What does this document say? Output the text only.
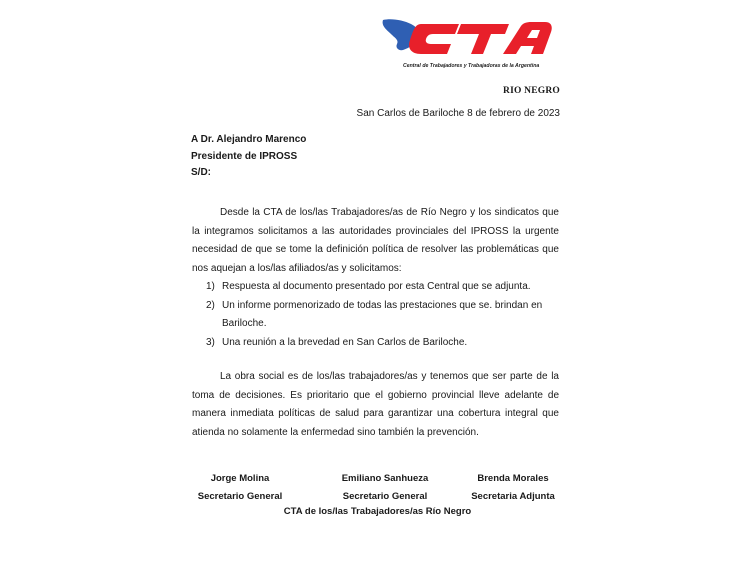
Central de Trabajadores y Trabajadoras de la Argentina
RIO NEGRO
San Carlos de Bariloche 8 de febrero de 2023
A Dr. Alejandro Marenco
Presidente de IPROSS
S/D:

Desde la CTA de los/las Trabajadores/as de Río Negro y los sindicatos que la integramos solicitamos a las autoridades provinciales del IPROSS la urgente necesidad de que se tome la definición política de resolver las problemáticas que nos aquejan a los/las afiliados/as y solicitamos:

1) Respuesta al documento presentado por esta Central que se adjunta.
2) Un informe pormenorizado de todas las prestaciones que se. brindan en Bariloche.
3) Una reunión a la brevedad en San Carlos de Bariloche.

La obra social es de los/las trabajadores/as y tenemos que ser parte de la toma de decisiones. Es prioritario que el gobierno provincial lleve adelante de manera inmediata políticas de salud para garantizar una cobertura integral que atienda no solamente la enfermedad sino también la prevención.

Jorge Molina
Secretario General
Emiliano Sanhueza
Secretario General
Brenda Morales
Secretaria Adjunta
CTA de los/las Trabajadores/as Río Negro
